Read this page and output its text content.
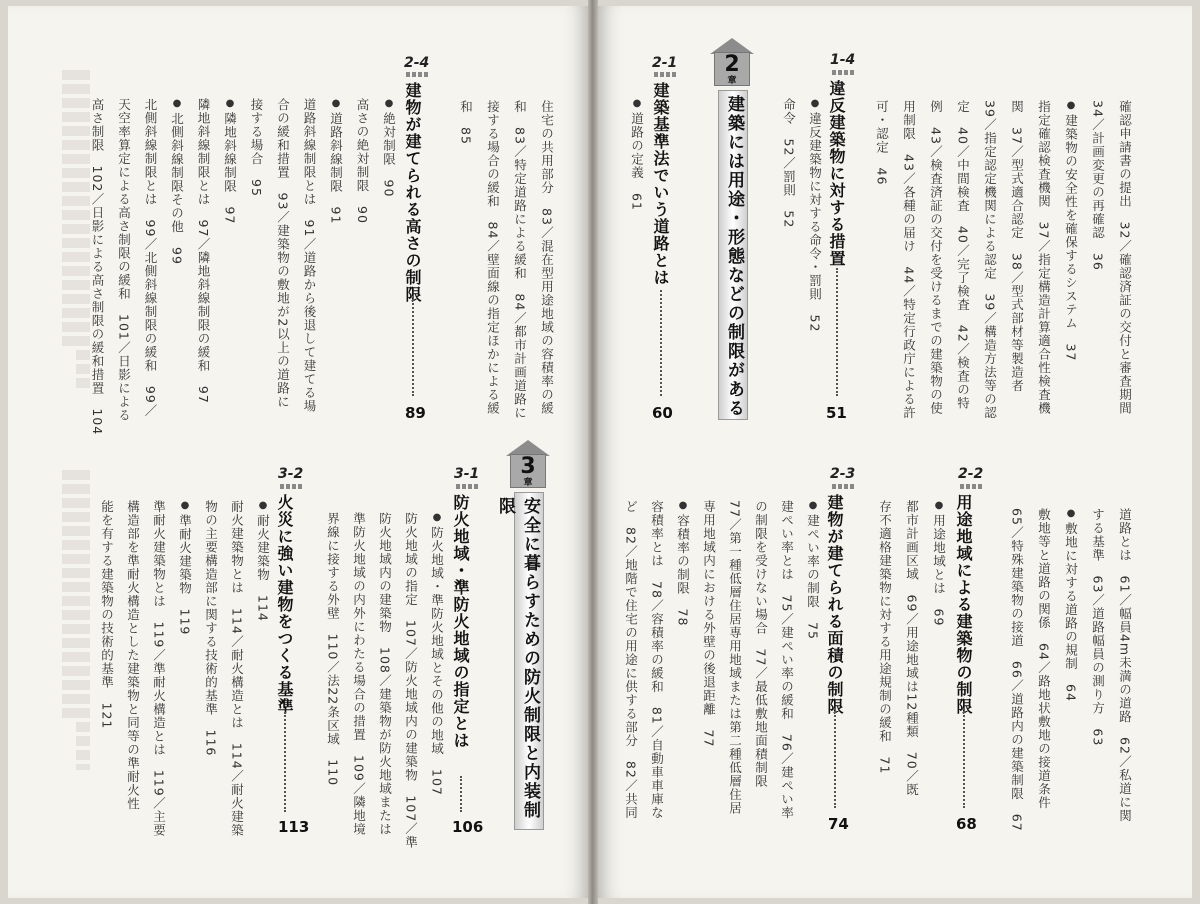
確認申請書の提出　32／確認済証の交付と審査期間
34／計画変更の再確認　36
● 建築物の安全性を確保するシステム　37
指定確認検査機関　37／指定構造計算適合性検査機
関　37／型式適合認定　38／型式部材等製造者
39／指定認定機関による認定　39／構造方法等の認
定　40／中間検査　40／完了検査　42／検査の特
例　43／検査済証の交付を受けるまでの建築物の使
用制限　43／各種の届け　44／特定行政庁による許
可・認定　46
1-4
違反建築物に対する措置
51
● 違反建築物に対する命令・罰則　52
命令　52／罰則　52
2
章
建築には用途・形態などの制限がある
2-1
建築基準法でいう道路とは
60
● 道路の定義　61
道路とは　61／幅員4m未満の道路　62／私道に関
する基準　63／道路幅員の測り方　63
● 敷地に対する道路の規制　64
敷地等と道路の関係　64／路地状敷地の接道条件
65／特殊建築物の接道　66／道路内の建築制限　67
2-2
用途地域による建築物の制限
68
● 用途地域とは　69
都市計画区域　69／用途地域は12種類　70／既
存不適格建築物に対する用途規制の緩和　71
2-3
建物が建てられる面積の制限
74
● 建ぺい率の制限　75
建ぺい率とは　75／建ぺい率の緩和　76／建ぺい率
の制限を受けない場合　77／最低敷地面積制限
77／第一種低層住居専用地域または第二種低層住居
専用地域内における外壁の後退距離　77
● 容積率の制限　78
容積率とは　78／容積率の緩和　81／自動車車庫な
ど　82／地階で住宅の用途に供する部分　82／共同
住宅の共用部分　83／混在型用途地域の容積率の緩
和　83／特定道路による緩和　84／都市計画道路に
接する場合の緩和　84／壁面線の指定ほかによる緩
和　85
2-4
建物が建てられる高さの制限
89
● 絶対制限　90
高さの絶対制限　90
● 道路斜線制限　91
道路斜線制限とは　91／道路から後退して建てる場
合の緩和措置　93／建築物の敷地が2以上の道路に
接する場合　95
● 隣地斜線制限　97
隣地斜線制限とは　97／隣地斜線制限の緩和　97
● 北側斜線制限その他　99
北側斜線制限とは　99／北側斜線制限の緩和　99／
天空率算定による高さ制限の緩和　101／日影による
高さ制限　102／日影による高さ制限の緩和措置　104
3
章
安全に暮らすための防火制限と内装制限
3-1
防火地域・準防火地域の指定とは
106
● 防火地域・準防火地域とその他の地域　107
防火地域の指定　107／防火地域内の建築物　107／準
防火地域内の建築物　108／建築物が防火地域または
準防火地域の内外にわたる場合の措置　109／隣地境
界線に接する外壁　110／法22条区域　110
3-2
火災に強い建物をつくる基準
113
● 耐火建築物　114
耐火建築物とは　114／耐火構造とは　114／耐火建築
物の主要構造部に関する技術的基準　116
● 準耐火建築物　119
準耐火建築物とは　119／準耐火構造とは　119／主要
構造部を準耐火構造とした建築物と同等の準耐火性
能を有する建築物の技術的基準　121
